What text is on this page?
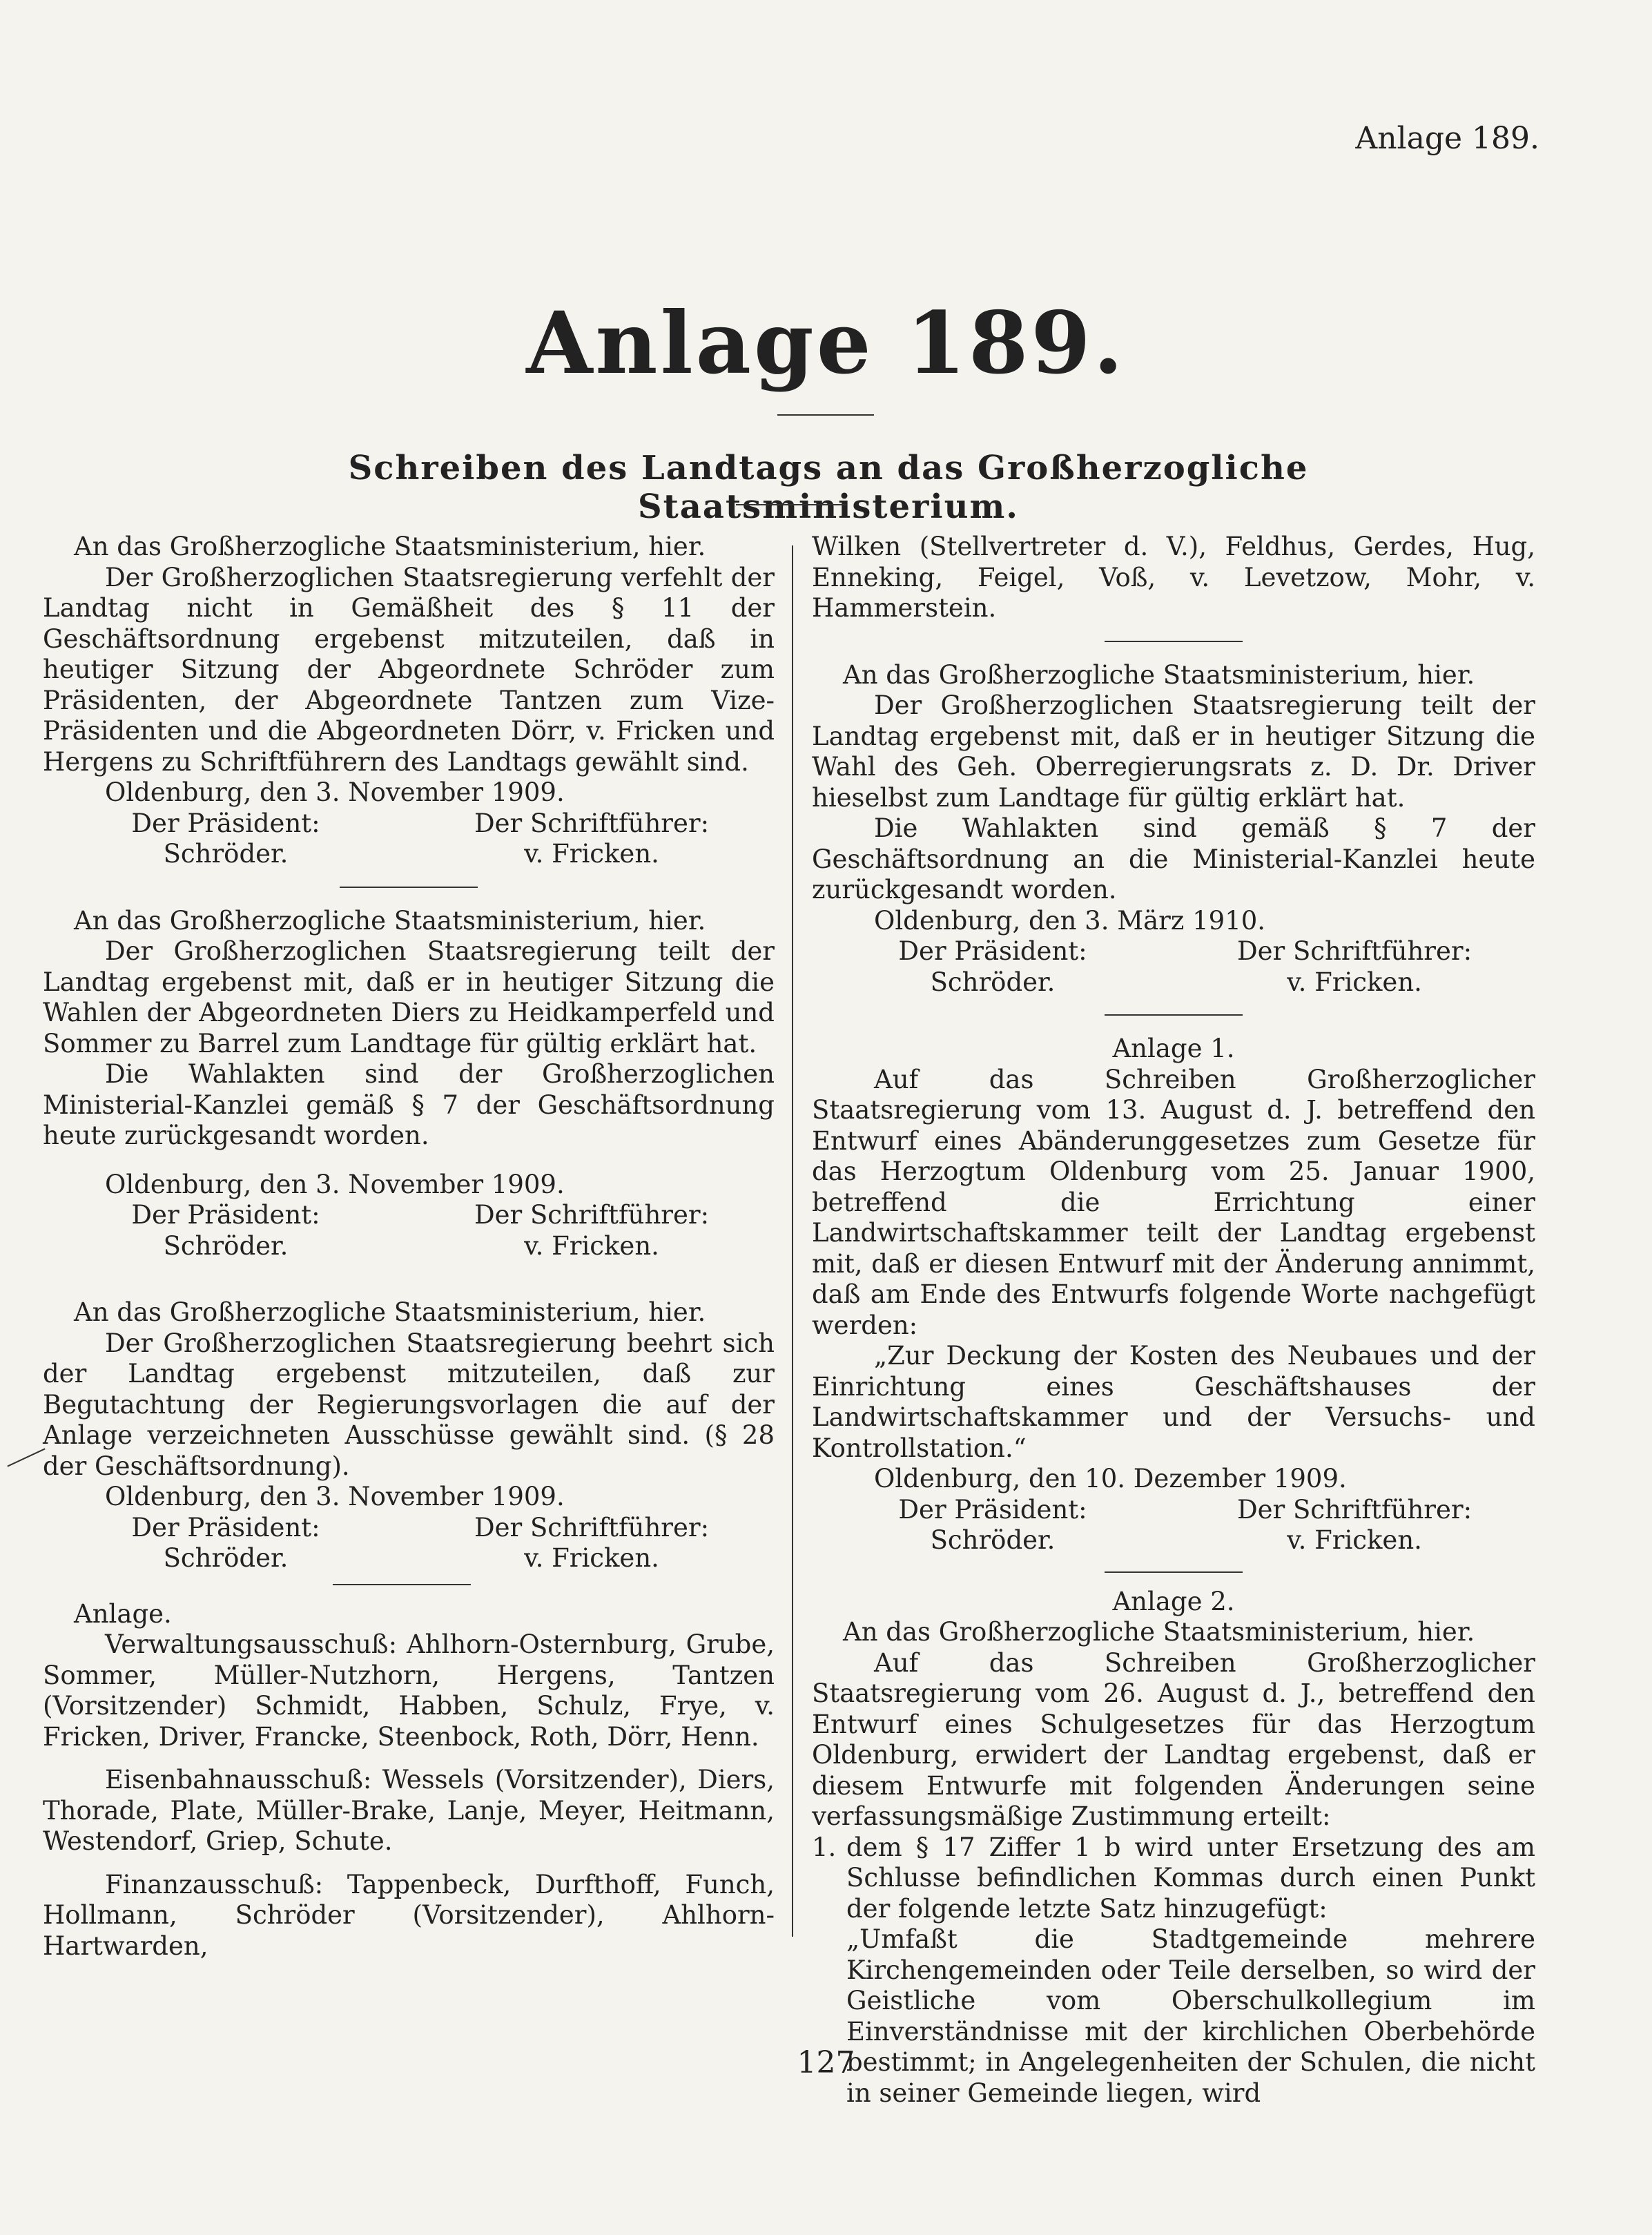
Anlage 189.
Anlage 189.
Schreiben des Landtags an das Großherzogliche Staatsministerium.

An das Großherzogliche Staatsministerium, hier.

Der Großherzoglichen Staatsregierung verfehlt der Landtag nicht in Gemäßheit des § 11 der Geschäftsordnung ergebenst mitzuteilen, daß in heutiger Sitzung der Abgeordnete Schröder zum Präsidenten, der Abgeordnete Tantzen zum Vize-Präsidenten und die Abgeordneten Dörr, v. Fricken und Hergens zu Schriftführern des Landtags gewählt sind.

Oldenburg, den 3. November 1909.

Der Präsident:	Der Schriftführer:
Schröder.	v. Fricken.

An das Großherzogliche Staatsministerium, hier.

Der Großherzoglichen Staatsregierung teilt der Landtag ergebenst mit, daß er in heutiger Sitzung die Wahlen der Abgeordneten Diers zu Heidkamperfeld und Sommer zu Barrel zum Landtage für gültig erklärt hat.

Die Wahlakten sind der Großherzoglichen Ministerial-Kanzlei gemäß § 7 der Geschäftsordnung heute zurückgesandt worden.

Oldenburg, den 3. November 1909.

Der Präsident:	Der Schriftführer:
Schröder.	v. Fricken.

An das Großherzogliche Staatsministerium, hier.

Der Großherzoglichen Staatsregierung beehrt sich der Landtag ergebenst mitzuteilen, daß zur Begutachtung der Regierungsvorlagen die auf der Anlage verzeichneten Ausschüsse gewählt sind. (§ 28 der Geschäftsordnung).

Oldenburg, den 3. November 1909.

Der Präsident:	Der Schriftführer:
Schröder.	v. Fricken.

Anlage.

Verwaltungsausschuß: Ahlhorn-Osternburg, Grube, Sommer, Müller-Nutzhorn, Hergens, Tantzen (Vorsitzender) Schmidt, Habben, Schulz, Frye, v. Fricken, Driver, Francke, Steenbock, Roth, Dörr, Henn.

Eisenbahnausschuß: Wessels (Vorsitzender), Diers, Thorade, Plate, Müller-Brake, Lanje, Meyer, Heitmann, Westendorf, Griep, Schute.

Finanzausschuß: Tappenbeck, Durfthoff, Funch, Hollmann, Schröder (Vorsitzender), Ahlhorn-Hartwarden,

Wilken (Stellvertreter d. V.), Feldhus, Gerdes, Hug, Enneking, Feigel, Voß, v. Levetzow, Mohr, v. Hammerstein.

An das Großherzogliche Staatsministerium, hier.

Der Großherzoglichen Staatsregierung teilt der Landtag ergebenst mit, daß er in heutiger Sitzung die Wahl des Geh. Oberregierungsrats z. D. Dr. Driver hieselbst zum Landtage für gültig erklärt hat.

Die Wahlakten sind gemäß § 7 der Geschäftsordnung an die Ministerial-Kanzlei heute zurückgesandt worden.

Oldenburg, den 3. März 1910.

Der Präsident:	Der Schriftführer:
Schröder.	v. Fricken.

Anlage 1.

Auf das Schreiben Großherzoglicher Staatsregierung vom 13. August d. J. betreffend den Entwurf eines Abänderunggesetzes zum Gesetze für das Herzogtum Oldenburg vom 25. Januar 1900, betreffend die Errichtung einer Landwirtschaftskammer teilt der Landtag ergebenst mit, daß er diesen Entwurf mit der Änderung annimmt, daß am Ende des Entwurfs folgende Worte nachgefügt werden:

„Zur Deckung der Kosten des Neubaues und der Einrichtung eines Geschäftshauses der Landwirtschaftskammer und der Versuchs- und Kontrollstation.“

Oldenburg, den 10. Dezember 1909.

Der Präsident:	Der Schriftführer:
Schröder.	v. Fricken.

Anlage 2.

An das Großherzogliche Staatsministerium, hier.

Auf das Schreiben Großherzoglicher Staatsregierung vom 26. August d. J., betreffend den Entwurf eines Schulgesetzes für das Herzogtum Oldenburg, erwidert der Landtag ergebenst, daß er diesem Entwurfe mit folgenden Änderungen seine verfassungsmäßige Zustimmung erteilt:

1. dem § 17 Ziffer 1 b wird unter Ersetzung des am Schlusse befindlichen Kommas durch einen Punkt der folgende letzte Satz hinzugefügt:

„Umfaßt die Stadtgemeinde mehrere Kirchengemeinden oder Teile derselben, so wird der Geistliche vom Oberschulkollegium im Einverständnisse mit der kirchlichen Oberbehörde bestimmt; in Angelegenheiten der Schulen, die nicht in seiner Gemeinde liegen, wird

127
